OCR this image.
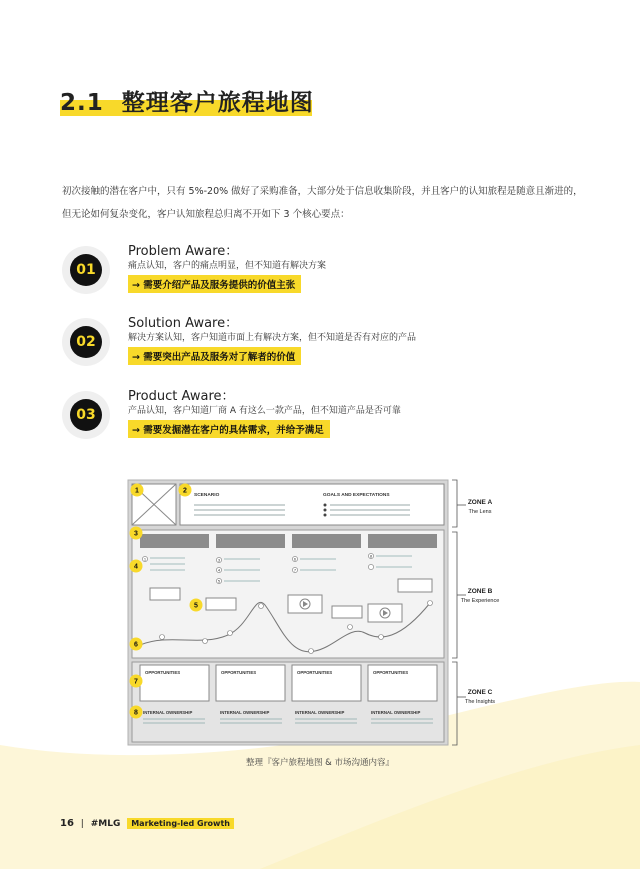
2.1 整理客户旅程地图
初次接触的潜在客户中，只有 5%-20% 做好了采购准备，大部分处于信息收集阶段，并且客户的认知旅程是随意且渐进的，
但无论如何复杂变化，客户认知旅程总归离不开如下 3 个核心要点：
01
Problem Aware：
痛点认知，客户的痛点明显，但不知道有解决方案
→ 需要介绍产品及服务提供的价值主张
02
Solution Aware：
解决方案认知，客户知道市面上有解决方案，但不知道是否有对应的产品
→ 需要突出产品及服务对了解者的价值
03
Product Aware：
产品认知，客户知道厂商 A 有这么一款产品，但不知道产品是否可靠
→ 需要发掘潜在客户的具体需求，并给予满足
SCENARIO	GOALS AND EXPECTATIONS
1	3
4
5
6
7
8
OPPORTUNITIES	OPPORTUNITIES	OPPORTUNITIES	OPPORTUNITIES
INTERNAL OWNERSHIP	INTERNAL OWNERSHIP	INTERNAL OWNERSHIP	INTERNAL OWNERSHIP
1	2
3
4
5
6
7
8
ZONE A
The Lens
ZONE B
The Experience
ZONE C
The Insights
整理『客户旅程地图 & 市场沟通内容』
16 | #MLG Marketing-led Growth
